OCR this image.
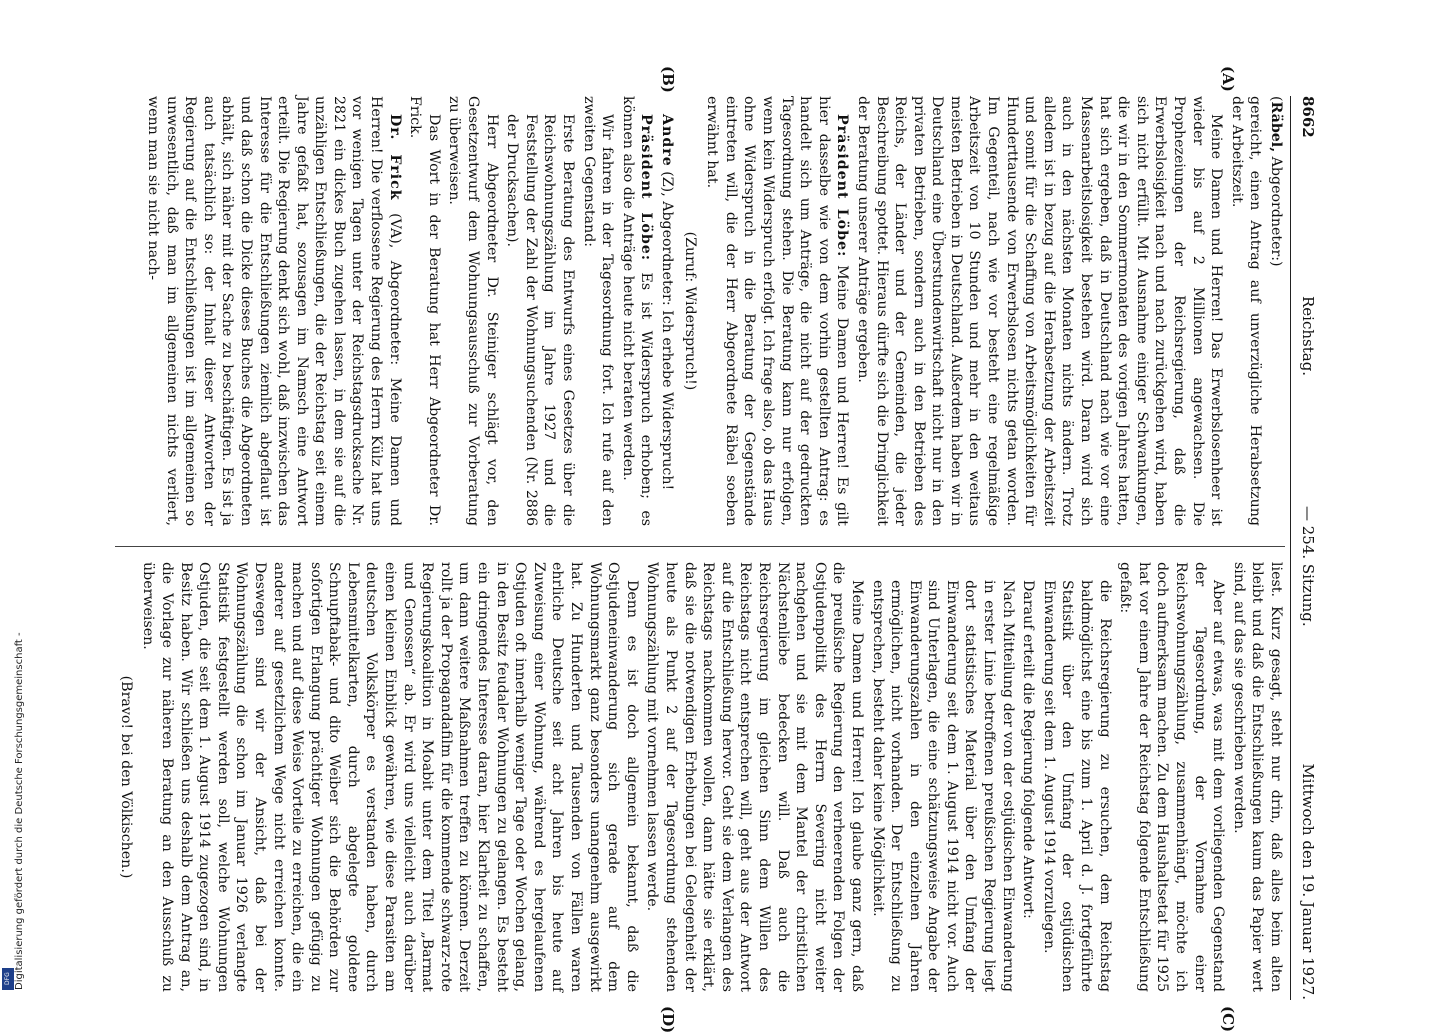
Digitalisierung gefördert durch die Deutsche Forschungsgemeinschaft -
DFG
8662
Reichstag.
— 254. Sitzung.
Mittwoch den 19. Januar 1927.

(Räbel, Abgeordneter:)

gereicht, einen Antrag auf unverzügliche Herabsetzung der Arbeitszeit.

Meine Damen und Herren! Das Erwerbslosenheer ist wieder bis auf 2 Millionen angewachsen. Die Prophezeiungen der Reichsregierung, daß die Erwerbslosigkeit nach und nach zurückgehen wird, haben sich nicht erfüllt. Mit Ausnahme einiger Schwankungen, die wir in den Sommermonaten des vorigen Jahres hatten, hat sich ergeben, daß in Deutschland nach wie vor eine Massenarbeitslosigkeit bestehen wird. Daran wird sich auch in den nächsten Monaten nichts ändern. Trotz alledem ist in bezug auf die Herabsetzung der Arbeitszeit und somit für die Schaffung von Arbeitsmöglichkeiten für Hunderttausende von Erwerbslosen nichts getan worden. Im Gegenteil, nach wie vor besteht eine regelmäßige Arbeitszeit von 10 Stunden und mehr in den weitaus meisten Betrieben in Deutschland. Außerdem haben wir in Deutschland eine Überstundenwirtschaft nicht nur in den privaten Betrieben, sondern auch in den Betrieben des Reichs, der Länder und der Gemeinden, die jeder Beschreibung spottet. Hieraus dürfte sich die Dringlichkeit der Beratung unserer Anträge ergeben.

Präsident Löbe: Meine Damen und Herren! Es gilt hier dasselbe wie von dem vorhin gestellten Antrag: es handelt sich um Anträge, die nicht auf der gedruckten Tagesordnung stehen. Die Beratung kann nur erfolgen, wenn kein Widerspruch erfolgt. Ich frage also, ob das Haus ohne Widerspruch in die Beratung der Gegenstände eintreten will, die der Herr Abgeordnete Räbel soeben erwähnt hat.

(Zuruf: Widerspruch!)

Andre (Z), Abgeordneter: Ich erhebe Widerspruch!

Präsident Löbe: Es ist Widerspruch erhoben; es können also die Anträge heute nicht beraten werden.

Wir fahren in der Tagesordnung fort. Ich rufe auf den zweiten Gegenstand:

Erste Beratung des Entwurfs eines Gesetzes über die Reichswohnungszählung im Jahre 1927 und die Feststellung der Zahl der Wohnungsuchenden (Nr. 2886 der Drucksachen).

Herr Abgeordneter Dr. Steiniger schlägt vor, den Gesetzentwurf dem Wohnungsausschuß zur Vorberatung zu überweisen.

Das Wort in der Beratung hat Herr Abgeordneter Dr. Frick.

Dr. Frick (VA), Abgeordneter: Meine Damen und Herren! Die verflossene Regierung des Herrn Külz hat uns vor wenigen Tagen unter der Reichstagsdrucksache Nr. 2821 ein dickes Buch zugehen lassen, in dem sie auf die unzähligen Entschließungen, die der Reichstag seit einem Jahre gefaßt hat, sozusagen im Namsch eine Antwort erteilt. Die Regierung denkt sich wohl, daß inzwischen das Interesse für die Entschließungen ziemlich abgeflaut ist und daß schon die Dicke dieses Buches die Abgeordneten abhält, sich näher mit der Sache zu beschäftigen. Es ist ja auch tatsächlich so: der Inhalt dieser Antworten der Regierung auf die Entschließungen ist im allgemeinen so unwesentlich, daß man im allgemeinen nichts verliert, wenn man sie nicht nach-

liest. Kurz gesagt, steht nur drin, daß alles beim alten bleibt und daß die Entschließungen kaum das Papier wert sind, auf das sie geschrieben werden.

Aber auf etwas, was mit dem vorliegenden Gegenstand der Tagesordnung, der Vornahme einer Reichswohnungszählung, zusammenhängt, möchte ich doch aufmerksam machen. Zu dem Haushaltsetat für 1925 hat vor einem Jahre der Reichstag folgende Entschließung gefaßt:

die Reichsregierung zu ersuchen, dem Reichstag baldmöglichst eine bis zum 1. April d. J. fortgeführte Statistik über den Umfang der ostjüdischen Einwanderung seit dem 1. August 1914 vorzulegen.

Darauf erteilt die Regierung folgende Antwort:

Nach Mitteilung der von der ostjüdischen Einwanderung in erster Linie betroffenen preußischen Regierung liegt dort statistisches Material über den Umfang der Einwanderung seit dem 1. August 1914 nicht vor. Auch sind Unterlagen, die eine schätzungsweise Angabe der Einwanderungszahlen in den einzelnen Jahren ermöglichen, nicht vorhanden. Der Entschließung zu entsprechen, besteht daher keine Möglichkeit.

Meine Damen und Herren! Ich glaube ganz gern, daß die preußische Regierung den verheerenden Folgen der Ostjudenpolitik des Herrn Severing nicht weiter nachgehen und sie mit dem Mantel der christlichen Nächstenliebe bedecken will. Daß auch die Reichsregierung im gleichen Sinn dem Willen des Reichstags nicht entsprechen will, geht aus der Antwort auf die Entschließung hervor. Geht sie dem Verlangen des Reichstags nachkommen wollen, dann hätte sie erklärt, daß sie die notwendigen Erhebungen bei Gelegenheit der heute als Punkt 2 auf der Tagesordnung stehenden Wohnungszählung mit vornehmen lassen werde.

Denn es ist doch allgemein bekannt, daß die Ostjudeneinwanderung sich gerade auf dem Wohnungsmarkt ganz besonders unangenehm ausgewirkt hat. Zu Hunderten und Tausenden von Fällen waren ehrliche Deutsche seit acht Jahren bis heute auf Zuweisung einer Wohnung, während es hergelaufenen Ostjuden oft innerhalb weniger Tage oder Wochen gelang, in den Besitz feudaler Wohnungen zu gelangen. Es besteht ein dringendes Interesse daran, hier Klarheit zu schaffen, um dann weitere Maßnahmen treffen zu können. Derzeit rollt ja der Propagandafilm für die kommende schwarz-rote Regierungskoalition in Moabit unter dem Titel „Barmat und Genossen“ ab. Er wird uns vielleicht auch darüber einen kleinen Einblick gewähren, wie diese Parasiten am deutschen Volkskörper es verstanden haben, durch Lebensmittelkarten, durch abgelegte goldene Schnupftabak- und dito Weiber sich die Behörden zur sofortigen Erlangung prächtiger Wohnungen gefügig zu machen und auf diese Weise Vorteile zu erreichen, die ein anderer auf gesetzlichem Wege nicht erreichen konnte. Deswegen sind wir der Ansicht, daß bei der Wohnungszählung die schon im Januar 1926 verlangte Statistik festgestellt werden soll, welche Wohnungen Ostjuden, die seit dem 1. August 1914 zugezogen sind, in Besitz haben. Wir schließen uns deshalb dem Antrag an, die Vorlage zur näheren Beratung an den Ausschuß zu überweisen.

(Bravo! bei den Völkischen.)

(A)
(B)
(C)
(D)
